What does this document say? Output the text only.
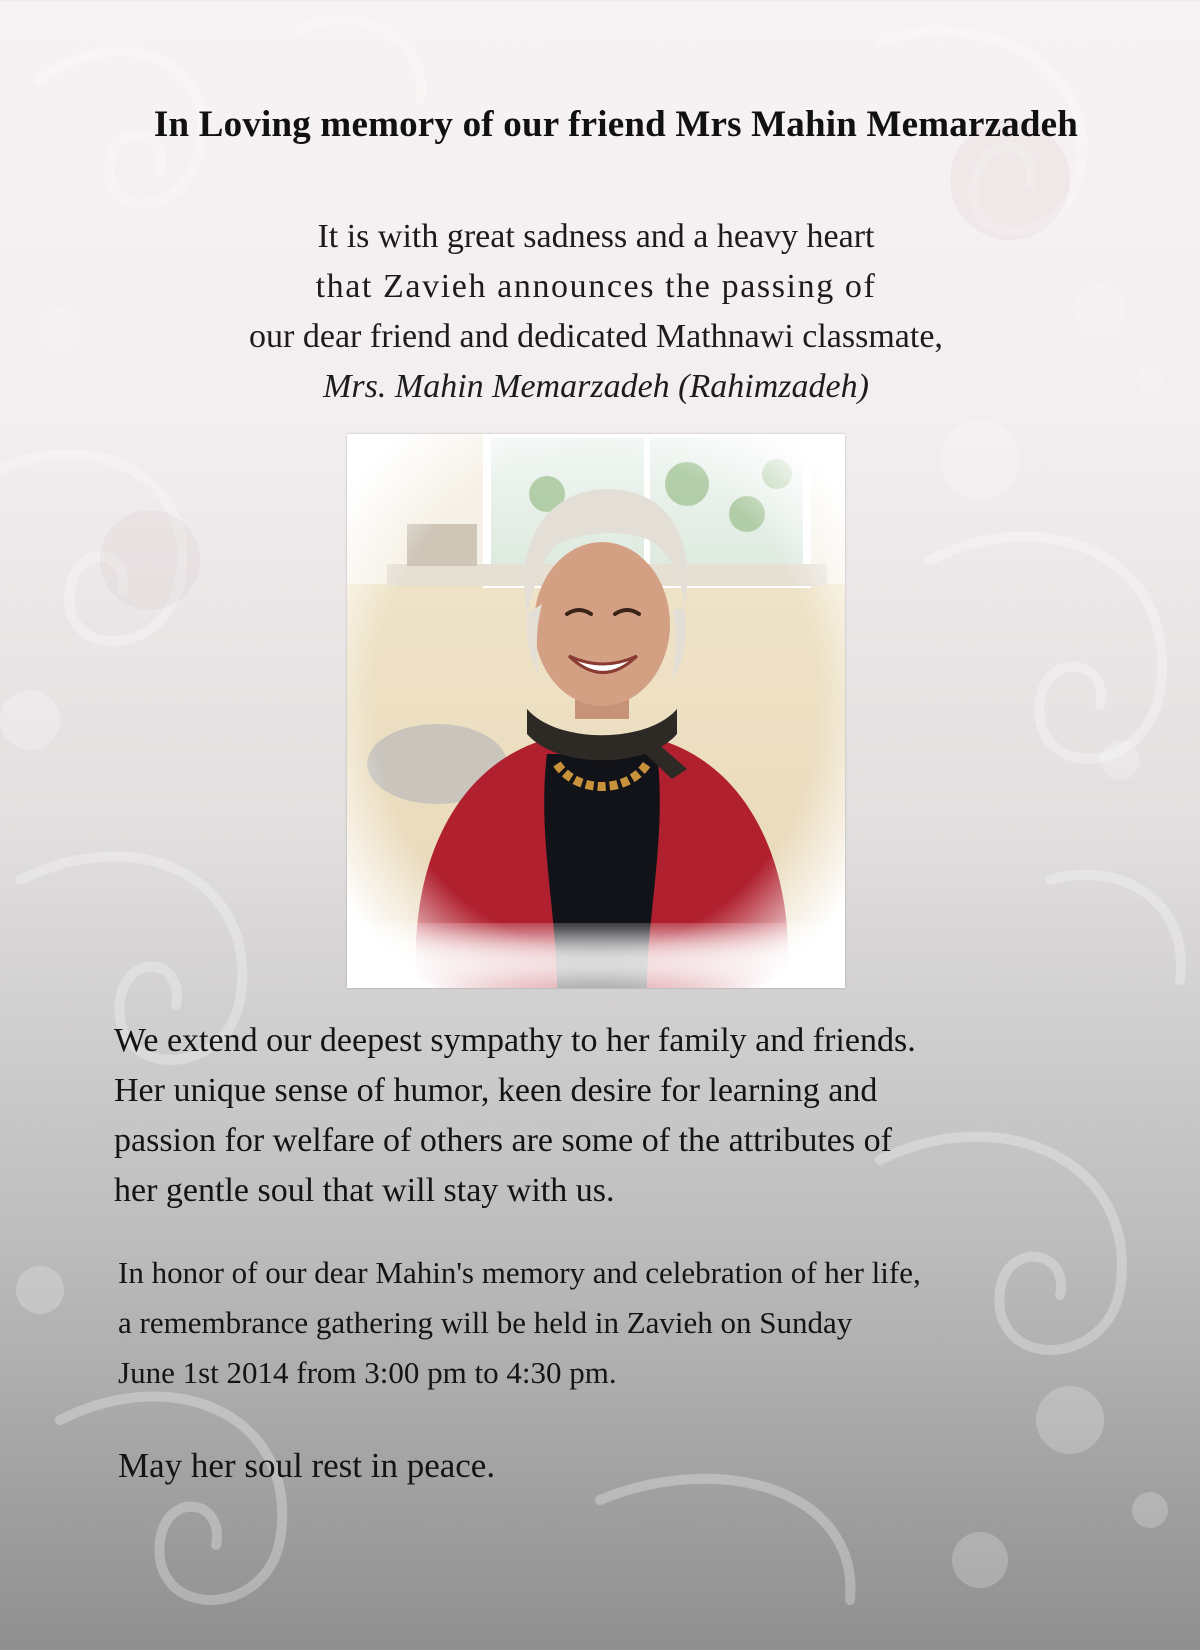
In Loving memory of our friend Mrs Mahin Memarzadeh
It is with great sadness and a heavy heart
that Zavieh announces the passing of
our dear friend and dedicated Mathnawi classmate,
Mrs. Mahin Memarzadeh (Rahimzadeh)
We extend our deepest sympathy to her family and friends.
Her unique sense of humor, keen desire for learning and
passion for welfare of others are some of the attributes of
her gentle soul that will stay with us.
In honor of our dear Mahin's memory and celebration of her life,
a remembrance gathering will be held in Zavieh on Sunday
June 1st 2014 from 3:00 pm to 4:30 pm.
May her soul rest in peace.
